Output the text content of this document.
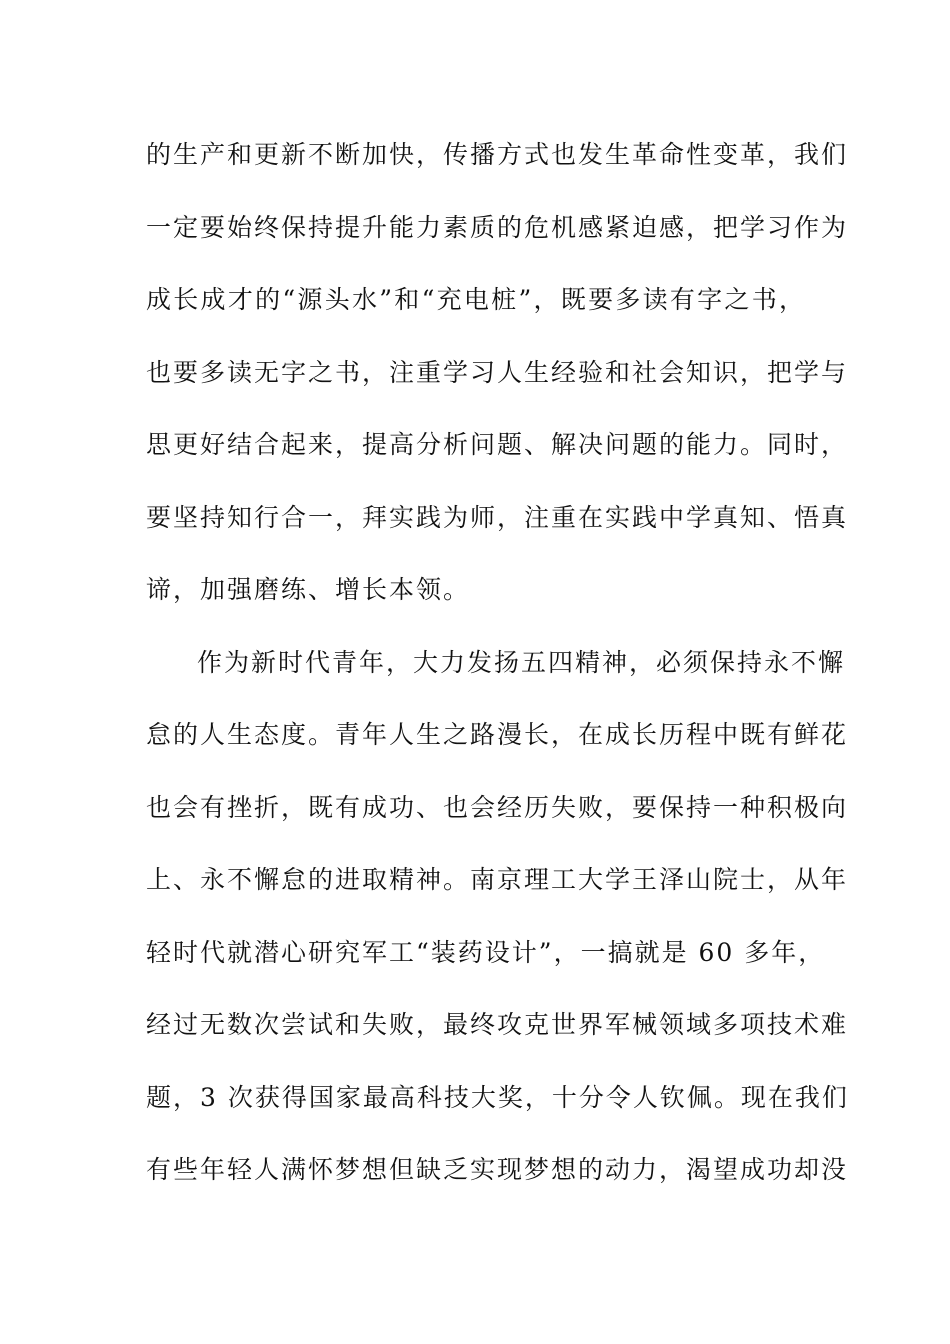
的生产和更新不断加快，传播方式也发生革命性变革，我们
一定要始终保持提升能力素质的危机感紧迫感，把学习作为
成长成才的“源头水”和“充电桩”，既要多读有字之书，
也要多读无字之书，注重学习人生经验和社会知识，把学与
思更好结合起来，提高分析问题、解决问题的能力。同时，
要坚持知行合一，拜实践为师，注重在实践中学真知、悟真
谛，加强磨练、增长本领。
作为新时代青年，大力发扬五四精神，必须保持永不懈
怠的人生态度。青年人生之路漫长，在成长历程中既有鲜花
也会有挫折，既有成功、也会经历失败，要保持一种积极向
上、永不懈怠的进取精神。南京理工大学王泽山院士，从年
轻时代就潜心研究军工“装药设计”，一搞就是 60 多年，
经过无数次尝试和失败，最终攻克世界军械领域多项技术难
题，3 次获得国家最高科技大奖，十分令人钦佩。现在我们
有些年轻人满怀梦想但缺乏实现梦想的动力，渴望成功却没
